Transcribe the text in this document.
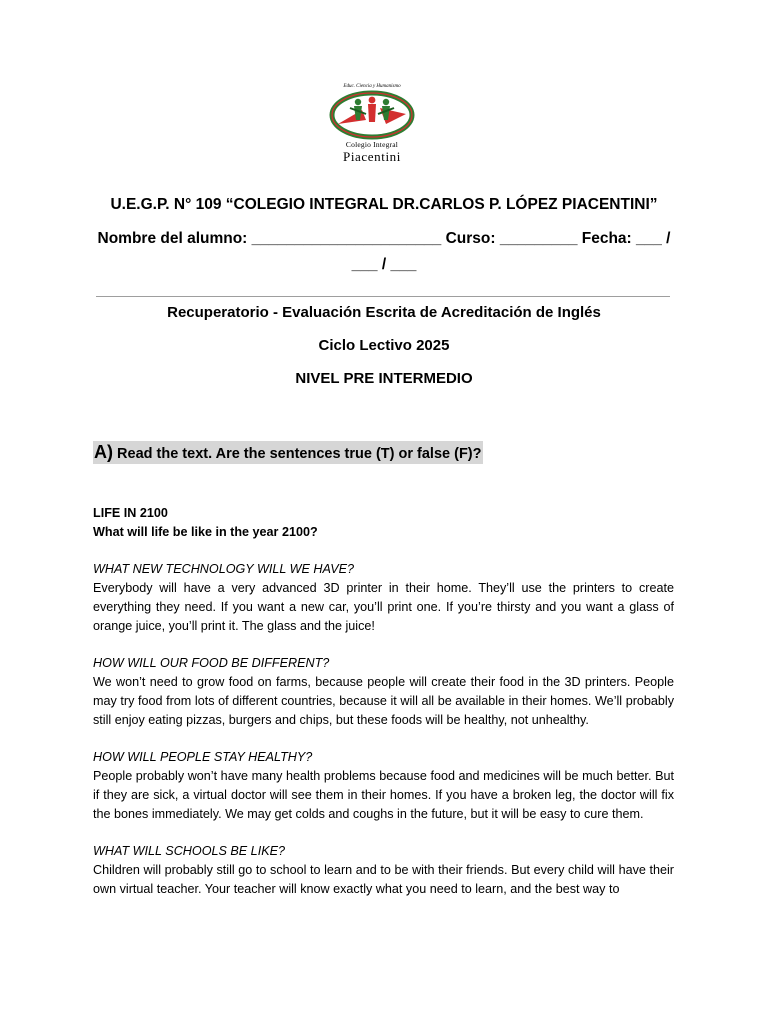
Educ. Ciencia y Humanismo
Colegio Integral
Piacentini
U.E.G.P. N° 109 “COLEGIO INTEGRAL DR.CARLOS P. LÓPEZ PIACENTINI”
Nombre del alumno: ______________________ Curso: _________ Fecha: ___ /
___ / ___
Recuperatorio - Evaluación Escrita de Acreditación de Inglés
Ciclo Lectivo 2025
NIVEL PRE INTERMEDIO
A) Read the text. Are the sentences true (T) or false (F)?
LIFE IN 2100
What will life be like in the year 2100?
WHAT NEW TECHNOLOGY WILL WE HAVE?

Everybody will have a very advanced 3D printer in their home. They’ll use the printers to create everything they need. If you want a new car, you’ll print one. If you’re thirsty and you want a glass of orange juice, you’ll print it. The glass and the juice!

HOW WILL OUR FOOD BE DIFFERENT?

We won’t need to grow food on farms, because people will create their food in the 3D printers. People may try food from lots of different countries, because it will all be available in their homes. We’ll probably still enjoy eating pizzas, burgers and chips, but these foods will be healthy, not unhealthy.

HOW WILL PEOPLE STAY HEALTHY?

People probably won’t have many health problems because food and medicines will be much better. But if they are sick, a virtual doctor will see them in their homes. If you have a broken leg, the doctor will fix the bones immediately. We may get colds and coughs in the future, but it will be easy to cure them.

WHAT WILL SCHOOLS BE LIKE?

Children will probably still go to school to learn and to be with their friends. But every child will have their own virtual teacher. Your teacher will know exactly what you need to learn, and the best way to
